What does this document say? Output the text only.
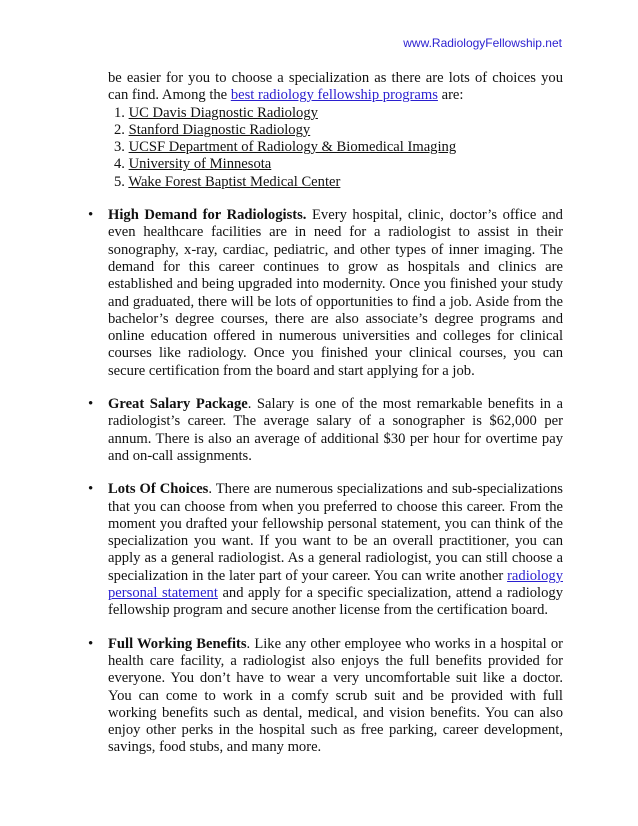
www.RadiologyFellowship.net

be easier for you to choose a specialization as there are lots of choices you can find. Among the best radiology fellowship programs are:

1. UC Davis Diagnostic Radiology
2. Stanford Diagnostic Radiology
3. UCSF Department of Radiology & Biomedical Imaging
4. University of Minnesota
5. Wake Forest Baptist Medical Center
• High Demand for Radiologists. Every hospital, clinic, doctor’s office and even healthcare facilities are in need for a radiologist to assist in their sonography, x-ray, cardiac, pediatric, and other types of inner imaging. The demand for this career continues to grow as hospitals and clinics are established and being upgraded into modernity. Once you finished your study and graduated, there will be lots of opportunities to find a job. Aside from the bachelor’s degree courses, there are also associate’s degree programs and online education offered in numerous universities and colleges for clinical courses like radiology. Once you finished your clinical courses, you can secure certification from the board and start applying for a job.

• Great Salary Package. Salary is one of the most remarkable benefits in a radiologist’s career. The average salary of a sonographer is $62,000 per annum. There is also an average of additional $30 per hour for overtime pay and on-call assignments.

• Lots Of Choices. There are numerous specializations and sub-specializations that you can choose from when you preferred to choose this career. From the moment you drafted your fellowship personal statement, you can think of the specialization you want. If you want to be an overall practitioner, you can apply as a general radiologist. As a general radiologist, you can still choose a specialization in the later part of your career. You can write another radiology personal statement and apply for a specific specialization, attend a radiology fellowship program and secure another license from the certification board.

• Full Working Benefits. Like any other employee who works in a hospital or health care facility, a radiologist also enjoys the full benefits provided for everyone. You don’t have to wear a very uncomfortable suit like a doctor. You can come to work in a comfy scrub suit and be provided with full working benefits such as dental, medical, and vision benefits. You can also enjoy other perks in the hospital such as free parking, career development, savings, food stubs, and many more.
